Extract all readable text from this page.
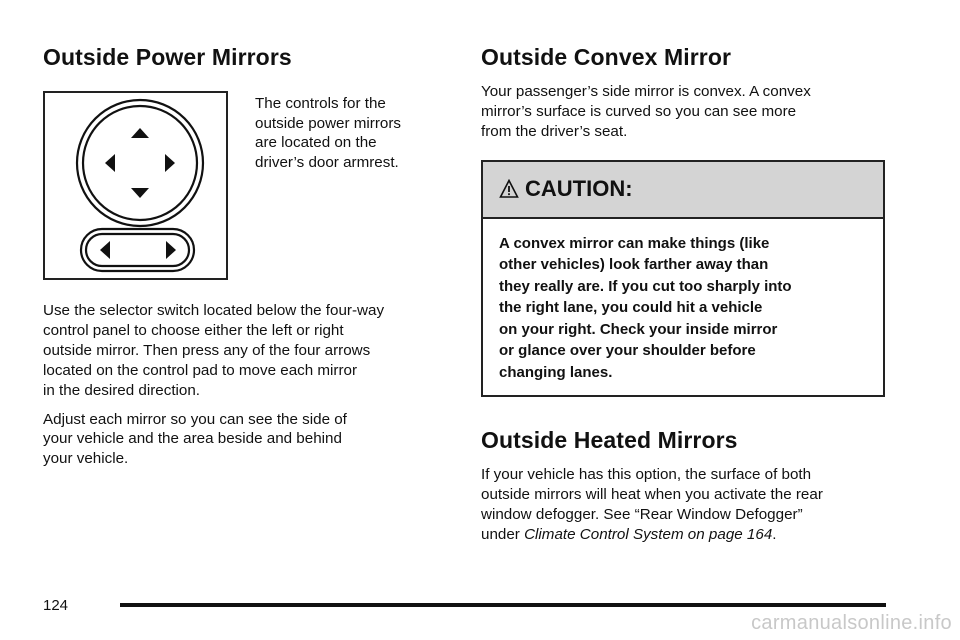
Outside Power Mirrors
The controls for the
outside power mirrors
are located on the
driver’s door armrest.

Use the selector switch located below the four-way
control panel to choose either the left or right
outside mirror. Then press any of the four arrows
located on the control pad to move each mirror
in the desired direction.

Adjust each mirror so you can see the side of
your vehicle and the area beside and behind
your vehicle.

Outside Convex Mirror

Your passenger’s side mirror is convex. A convex
mirror’s surface is curved so you can see more
from the driver’s seat.

CAUTION:
A convex mirror can make things (like
other vehicles) look farther away than
they really are. If you cut too sharply into
the right lane, you could hit a vehicle
on your right. Check your inside mirror
or glance over your shoulder before
changing lanes.
Outside Heated Mirrors

If your vehicle has this option, the surface of both
outside mirrors will heat when you activate the rear
window defogger. See “Rear Window Defogger”
under Climate Control System on page 164.

124
carmanualsonline.info
